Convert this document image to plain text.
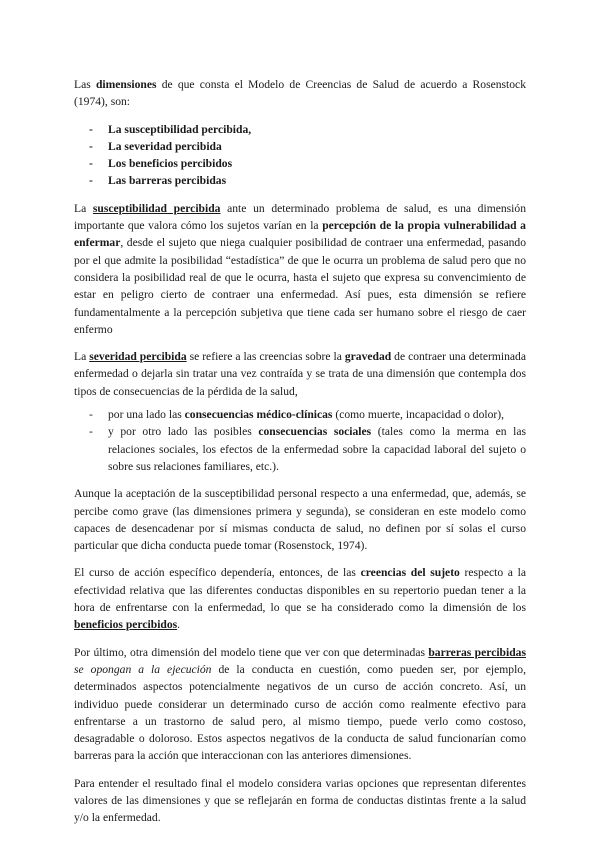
Las dimensiones de que consta el Modelo de Creencias de Salud de acuerdo a Rosenstock (1974), son:

- La susceptibilidad percibida,
- La severidad percibida
- Los beneficios percibidos
- Las barreras percibidas

La susceptibilidad percibida ante un determinado problema de salud, es una dimensión importante que valora cómo los sujetos varían en la percepción de la propia vulnerabilidad a enfermar, desde el sujeto que niega cualquier posibilidad de contraer una enfermedad, pasando por el que admite la posibilidad “estadística” de que le ocurra un problema de salud pero que no considera la posibilidad real de que le ocurra, hasta el sujeto que expresa su convencimiento de estar en peligro cierto de contraer una enfermedad. Así pues, esta dimensión se refiere fundamentalmente a la percepción subjetiva que tiene cada ser humano sobre el riesgo de caer enfermo

La severidad percibida se refiere a las creencias sobre la gravedad de contraer una determinada enfermedad o dejarla sin tratar una vez contraída y se trata de una dimensión que contempla dos tipos de consecuencias de la pérdida de la salud,

- por una lado las consecuencias médico-clínicas (como muerte, incapacidad o dolor),
- y por otro lado las posibles consecuencias sociales (tales como la merma en las relaciones sociales, los efectos de la enfermedad sobre la capacidad laboral del sujeto o sobre sus relaciones familiares, etc.).

Aunque la aceptación de la susceptibilidad personal respecto a una enfermedad, que, además, se percibe como grave (las dimensiones primera y segunda), se consideran en este modelo como capaces de desencadenar por sí mismas conducta de salud, no definen por sí solas el curso particular que dicha conducta puede tomar (Rosenstock, 1974).

El curso de acción específico dependería, entonces, de las creencias del sujeto respecto a la efectividad relativa que las diferentes conductas disponibles en su repertorio puedan tener a la hora de enfrentarse con la enfermedad, lo que se ha considerado como la dimensión de los beneficios percibidos.

Por último, otra dimensión del modelo tiene que ver con que determinadas barreras percibidas se opongan a la ejecución de la conducta en cuestión, como pueden ser, por ejemplo, determinados aspectos potencialmente negativos de un curso de acción concreto. Así, un individuo puede considerar un determinado curso de acción como realmente efectivo para enfrentarse a un trastorno de salud pero, al mismo tiempo, puede verlo como costoso, desagradable o doloroso. Estos aspectos negativos de la conducta de salud funcionarían como barreras para la acción que interaccionan con las anteriores dimensiones.

Para entender el resultado final el modelo considera varias opciones que representan diferentes valores de las dimensiones y que se reflejarán en forma de conductas distintas frente a la salud y/o la enfermedad.
